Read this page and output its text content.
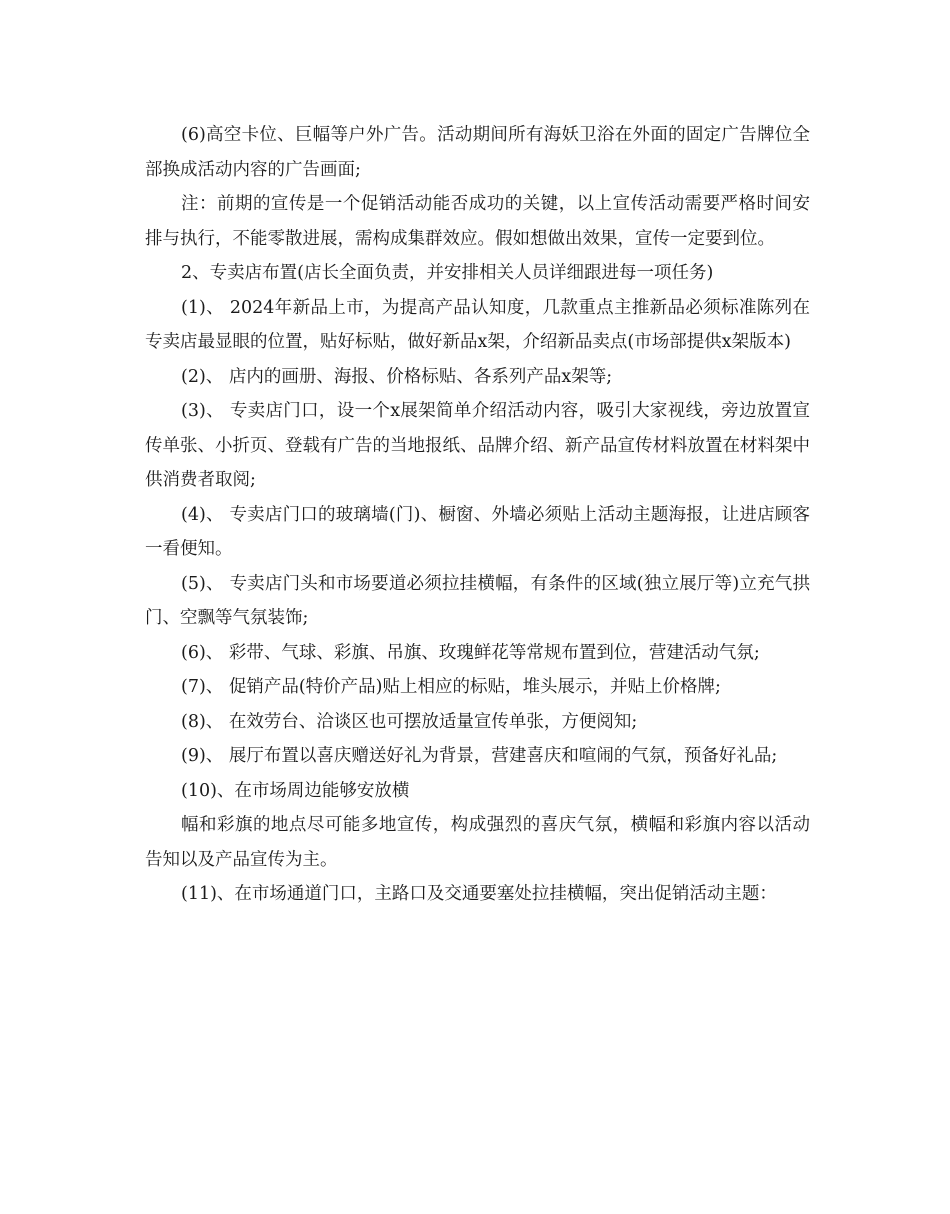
(6)高空卡位、巨幅等户外广告。活动期间所有海妖卫浴在外面的固定广告牌位全部换成活动内容的广告画面;

注：前期的宣传是一个促销活动能否成功的关键，以上宣传活动需要严格时间安排与执行，不能零散进展，需构成集群效应。假如想做出效果，宣传一定要到位。

2、专卖店布置(店长全面负责，并安排相关人员详细跟进每一项任务)

(1)、 2024年新品上市，为提高产品认知度，几款重点主推新品必须标准陈列在专卖店最显眼的位置，贴好标贴，做好新品x架，介绍新品卖点(市场部提供x架版本)

(2)、 店内的画册、海报、价格标贴、各系列产品x架等;

(3)、 专卖店门口，设一个x展架简单介绍活动内容，吸引大家视线，旁边放置宣传单张、小折页、登载有广告的当地报纸、品牌介绍、新产品宣传材料放置在材料架中供消费者取阅;

(4)、 专卖店门口的玻璃墙(门)、橱窗、外墙必须贴上活动主题海报，让进店顾客一看便知。

(5)、 专卖店门头和市场要道必须拉挂横幅，有条件的区域(独立展厅等)立充气拱门、空飘等气氛装饰;

(6)、 彩带、气球、彩旗、吊旗、玫瑰鲜花等常规布置到位，营建活动气氛;

(7)、 促销产品(特价产品)贴上相应的标贴，堆头展示，并贴上价格牌;

(8)、 在效劳台、洽谈区也可摆放适量宣传单张，方便阅知;

(9)、 展厅布置以喜庆赠送好礼为背景，营建喜庆和喧闹的气氛，预备好礼品;

(10)、在市场周边能够安放横

幅和彩旗的地点尽可能多地宣传，构成强烈的喜庆气氛，横幅和彩旗内容以活动告知以及产品宣传为主。

(11)、在市场通道门口，主路口及交通要塞处拉挂横幅，突出促销活动主题：
